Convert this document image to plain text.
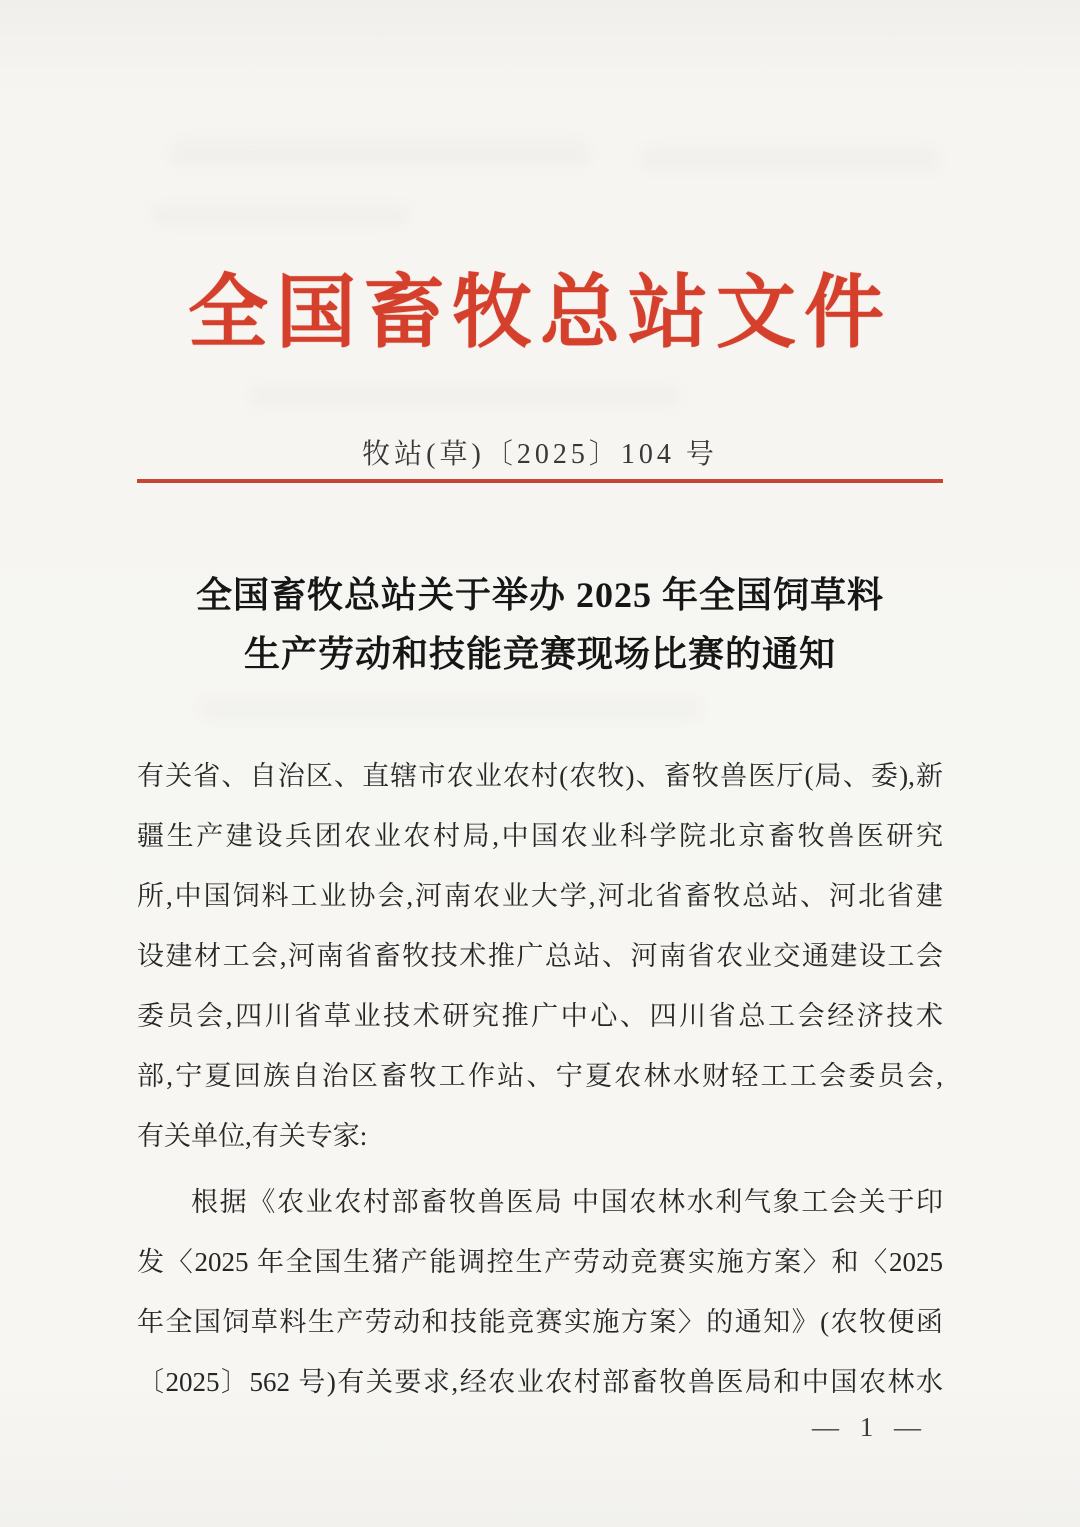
全国畜牧总站文件
牧站(草)〔2025〕104 号
全国畜牧总站关于举办 2025 年全国饲草料
生产劳动和技能竞赛现场比赛的通知
有关省、自治区、直辖市农业农村(农牧)、畜牧兽医厅(局、委),新
疆生产建设兵团农业农村局,中国农业科学院北京畜牧兽医研究
所,中国饲料工业协会,河南农业大学,河北省畜牧总站、河北省建
设建材工会,河南省畜牧技术推广总站、河南省农业交通建设工会
委员会,四川省草业技术研究推广中心、四川省总工会经济技术
部,宁夏回族自治区畜牧工作站、宁夏农林水财轻工工会委员会,
有关单位,有关专家:
根据《农业农村部畜牧兽医局 中国农林水利气象工会关于印
发〈2025 年全国生猪产能调控生产劳动竞赛实施方案〉和〈2025
年全国饲草料生产劳动和技能竞赛实施方案〉的通知》(农牧便函
〔2025〕562 号)有关要求,经农业农村部畜牧兽医局和中国农林水
— 1 —
